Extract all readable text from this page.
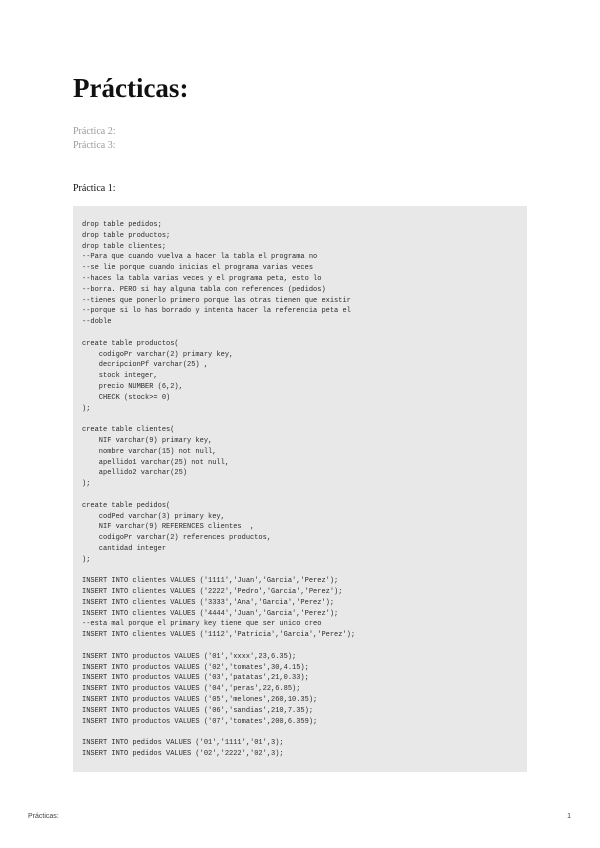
Prácticas:
Práctica 2:
Práctica 3:
Práctica 1:
drop table pedidos;
drop table productos;
drop table clientes;
--Para que cuando vuelva a hacer la tabla el programa no
--se lie porque cuando inicias el programa varias veces
--haces la tabla varias veces y el programa peta, esto lo
--borra. PERO si hay alguna tabla con references (pedidos)
--tienes que ponerlo primero porque las otras tienen que existir
--porque si lo has borrado y intenta hacer la referencia peta el
--doble
create table productos(
codigoPr varchar(2) primary key,
decripcionPf varchar(25) ,
stock integer,
precio NUMBER (6,2),
CHECK (stock>= 0)
);
create table clientes(
NIF varchar(9) primary key,
nombre varchar(15) not null,
apellido1 varchar(25) not null,
apellido2 varchar(25)
);
create table pedidos(
codPed varchar(3) primary key,
NIF varchar(9) REFERENCES clientes  ,
codigoPr varchar(2) references productos,
cantidad integer
);
INSERT INTO clientes VALUES ('1111','Juan','Garcia','Perez');
INSERT INTO clientes VALUES ('2222','Pedro','Garcia','Perez');
INSERT INTO clientes VALUES ('3333','Ana','Garcia','Perez');
INSERT INTO clientes VALUES ('4444','Juan','Garcia','Perez');
--esta mal porque el primary key tiene que ser unico creo
INSERT INTO clientes VALUES ('1112','Patricia','Garcia','Perez');
INSERT INTO productos VALUES ('01','xxxx',23,6.35);
INSERT INTO productos VALUES ('02','tomates',30,4.15);
INSERT INTO productos VALUES ('03','patatas',21,0.33);
INSERT INTO productos VALUES ('04','peras',22,6.85);
INSERT INTO productos VALUES ('05','melones',260,10.35);
INSERT INTO productos VALUES ('06','sandias',210,7.35);
INSERT INTO productos VALUES ('07','tomates',200,6.359);
INSERT INTO pedidos VALUES ('01','1111','01',3);
INSERT INTO pedidos VALUES ('02','2222','02',3);
Prácticas:	1
